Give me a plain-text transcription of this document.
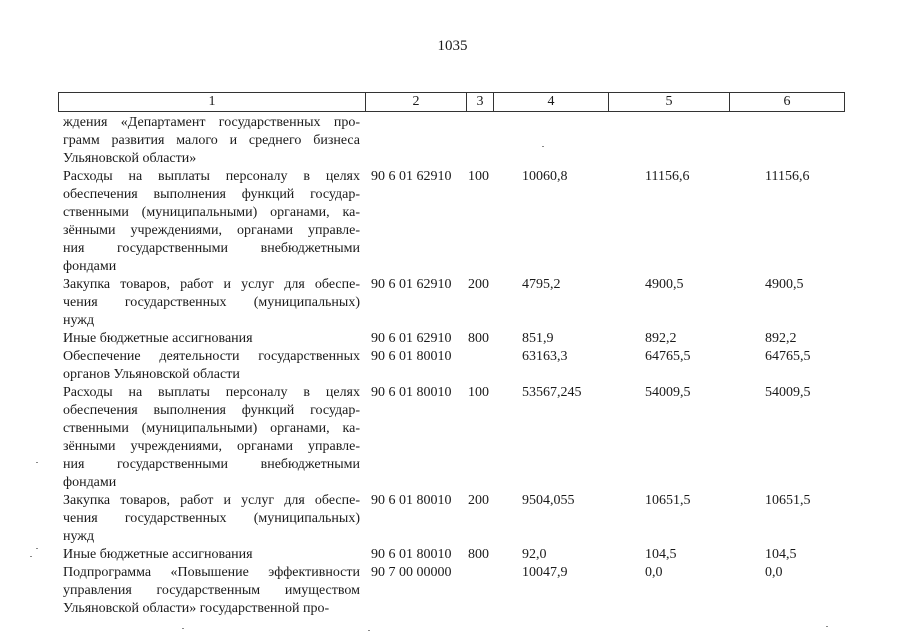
1035
1	2	3	4	5	6
ждения «Департамент государственных про-
грамм развития малого и среднего бизнеса
Ульяновской области»
Расходы на выплаты персоналу в целях
обеспечения выполнения функций государ-
ственными (муниципальными) органами, ка-
зёнными учреждениями, органами управле-
ния государственными внебюджетными
фондами
90 6 01 62910 100 10060,8	11156,6	11156,6
Закупка товаров, работ и услуг для обеспе-
чения государственных (муниципальных)
нужд
90 6 01 62910 200 4795,2	4900,5	4900,5
Иные бюджетные ассигнования	90 6 01 62910 800 851,9	892,2	892,2
Обеспечение деятельности государственных
органов Ульяновской области
90 6 01 80010	63163,3	64765,5	64765,5
Расходы на выплаты персоналу в целях
обеспечения выполнения функций государ-
ственными (муниципальными) органами, ка-
зёнными учреждениями, органами управле-
ния государственными внебюджетными
фондами
90 6 01 80010 100 53567,245	54009,5	54009,5
Закупка товаров, работ и услуг для обеспе-
чения государственных (муниципальных)
нужд
90 6 01 80010 200 9504,055	10651,5	10651,5
Иные бюджетные ассигнования	90 6 01 80010 800 92,0	104,5	104,5
Подпрограмма «Повышение эффективности
управления государственным имуществом
Ульяновской области» государственной про-
90 7 00 00000	10047,9	0,0	0,0
